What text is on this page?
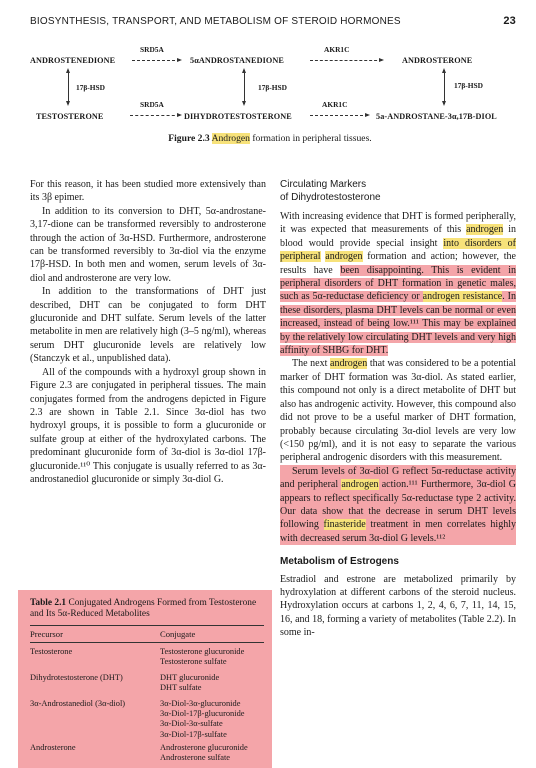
BIOSYNTHESIS, TRANSPORT, AND METABOLISM OF STEROID HORMONES	23
ANDROSTENEDIONE
SRD5A
5αANDROSTANEDIONE
AKR1C
ANDROSTERONE
17β-HSD	17β-HSD	17β-HSD
TESTOSTERONE
SRD5A
DIHYDROTESTOSTERONE
AKR1C
5a-ANDROSTANE-3α,17B-DIOL
Figure 2.3 Androgen formation in peripheral tissues.

For this reason, it has been studied more extensively than its 3β epimer.

In addition to its conversion to DHT, 5α-androstane-3,17-dione can be transformed reversibly to androsterone through the action of 3α-HSD. Furthermore, androsterone can be transformed reversibly to 3α-diol via the enzyme 17β-HSD. In both men and women, serum levels of 3α-diol and androsterone are very low.

In addition to the transformations of DHT just described, DHT can be conjugated to form DHT glucuronide and DHT sulfate. Serum levels of the latter metabolite in men are relatively high (3–5 ng/ml), whereas serum DHT glucuronide levels are relatively low (Stanczyk et al., unpublished data).

All of the compounds with a hydroxyl group shown in Figure 2.3 are conjugated in peripheral tissues. The main conjugates formed from the androgens depicted in Figure 2.3 are shown in Table 2.1. Since 3α-diol has two hydroxyl groups, it is possible to form a glucuronide or sulfate group at either of the hydroxylated carbons. The predominant glucuronide form of 3α-diol is 3α-diol 17β-glucuronide.¹¹⁰ This conjugate is usually referred to as 3α-androstanediol glucuronide or simply 3α-diol G.

Circulating Markers
of Dihydrotestosterone

With increasing evidence that DHT is formed peripherally, it was expected that measurements of this androgen in blood would provide special insight into disorders of peripheral androgen formation and action; however, the results have been disappointing. This is evident in peripheral disorders of DHT formation in genetic males, such as 5α-reductase deficiency or androgen resistance. In these disorders, plasma DHT levels can be normal or even increased, instead of being low.¹¹¹ This may be explained by the relatively low circulating DHT levels and very high affinity of SHBG for DHT.

The next androgen that was considered to be a potential marker of DHT formation was 3α-diol. As stated earlier, this compound not only is a direct metabolite of DHT but also has androgenic activity. However, this compound also did not prove to be a useful marker of DHT formation, probably because circulating 3α-diol levels are very low (<150 pg/ml), and it is not easy to separate the various peripheral androgenic disorders with this measurement.

Serum levels of 3α-diol G reflect 5α-reductase activity and peripheral androgen action.¹¹¹ Furthermore, 3α-diol G appears to reflect specifically 5α-reductase type 2 activity. Our data show that the decrease in serum DHT levels following finasteride treatment in men correlates highly with decreased serum 3α-diol G levels.¹¹²

Metabolism of Estrogens

Estradiol and estrone are metabolized primarily by hydroxylation at different carbons of the steroid nucleus. Hydroxylation occurs at carbons 1, 2, 4, 6, 7, 11, 14, 15, 16, and 18, forming a variety of metabolites (Table 2.2). In some in-

Table 2.1 Conjugated Androgens Formed from Testosterone and Its 5α-Reduced Metabolites
Precursor	Conjugate
Testosterone	Testosterone glucuronide
Testosterone sulfate
Dihydrotestosterone (DHT)	DHT glucuronide
DHT sulfate
3α-Androstanediol (3α-diol)	3α-Diol-3α-glucuronide
3α-Diol-17β-glucuronide
3α-Diol-3α-sulfate
3α-Diol-17β-sulfate
Androsterone	Androsterone glucuronide
Androsterone sulfate
